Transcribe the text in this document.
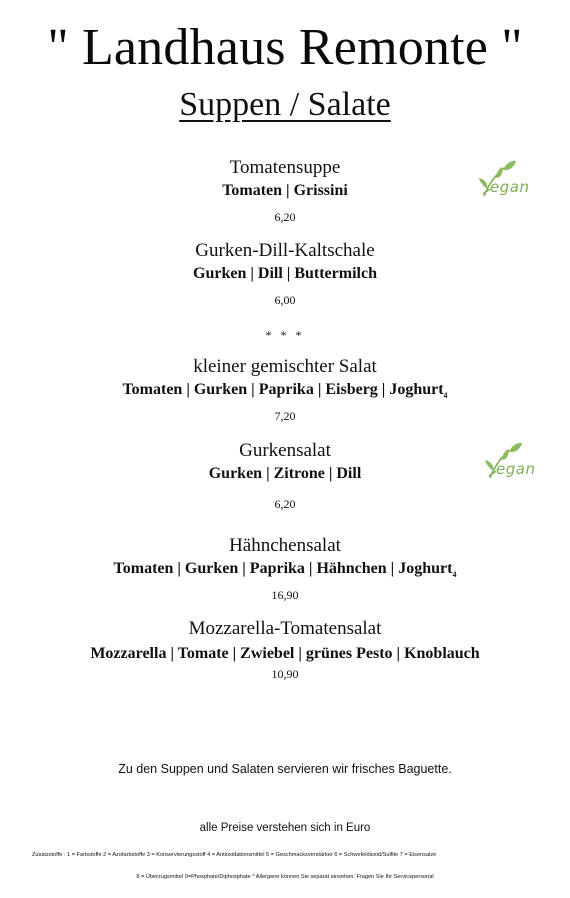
" Landhaus Remonte "
Suppen / Salate
Tomatensuppe
Tomaten | Grissini
6,20
Gurken-Dill-Kaltschale
Gurken | Dill | Buttermilch
6,00
* * *
kleiner gemischter Salat
Tomaten | Gurken | Paprika | Eisberg | Joghurt$_4$
7,20
Gurkensalat
Gurken | Zitrone | Dill
6,20
Hähnchensalat
Tomaten | Gurken | Paprika | Hähnchen | Joghurt$_4$
16,90
Mozzarella-Tomatensalat
Mozzarella | Tomate | Zwiebel | grünes Pesto | Knoblauch
10,90
egan
egan
Zu den Suppen und Salaten servieren wir frisches Baguette.
alle Preise verstehen sich in Euro
Zusatzstoffe : 1 = Farbstoffe 2 = Azofarbstoffe 3 = Konservierungsstoff 4 = Antioxidationsmittel 5 = Geschmacksverstärker 6 = Schwefeldioxid/Sulfite 7 = Eisensalze
8 = Überzugsmittel 9=Phosphate/Diphosphate * Allergene können Sie separat einsehen. Fragen Sie Ihr Servicepersonal
